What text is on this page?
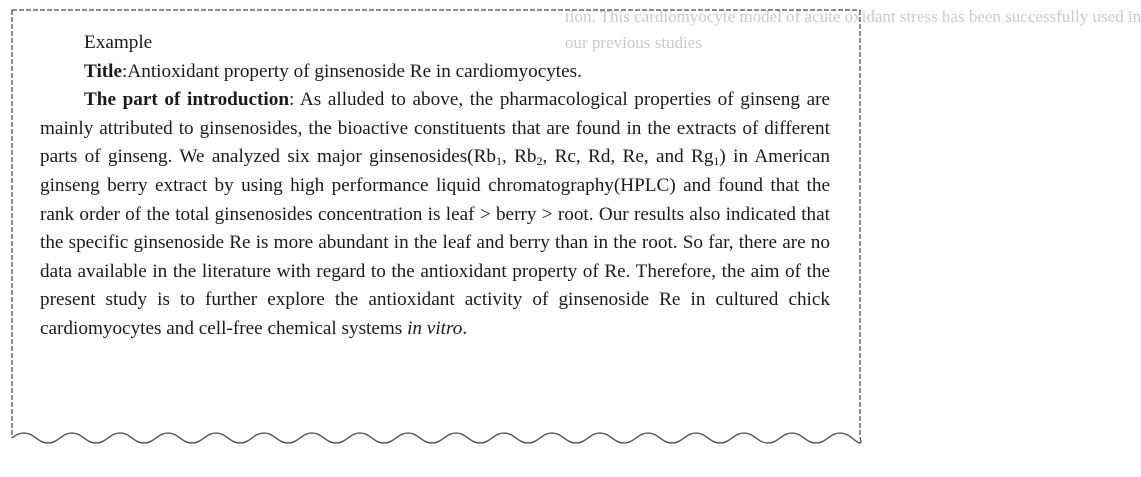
tion. This cardiomyocyte model of acute oxidant stress has been successfully used in
our previous studies
Example
Title:Antioxidant property of ginsenoside Re in cardiomyocytes.
The part of introduction: As alluded to above, the pharmacological properties of ginseng are mainly attributed to ginsenosides, the bioactive constituents that are found in the extracts of different parts of ginseng. We analyzed six major $ginsenosides(Rb_1$, $Rb_2$, Rc, Rd, Re, and $Rg_1$) in American ginseng berry extract by using high performance liquid chromatography(HPLC) and found that the rank order of the total ginsenosides concentration is leaf > berry > root. Our results also indicated that the specific ginsenoside Re is more abundant in the leaf and berry than in the root. So far, there are no data available in the literature with regard to the antioxidant property of Re. Therefore, the aim of the present study is to further explore the antioxidant activity of ginsenoside Re in cultured chick cardiomyocytes and cell-free chemical systems in vitro.
